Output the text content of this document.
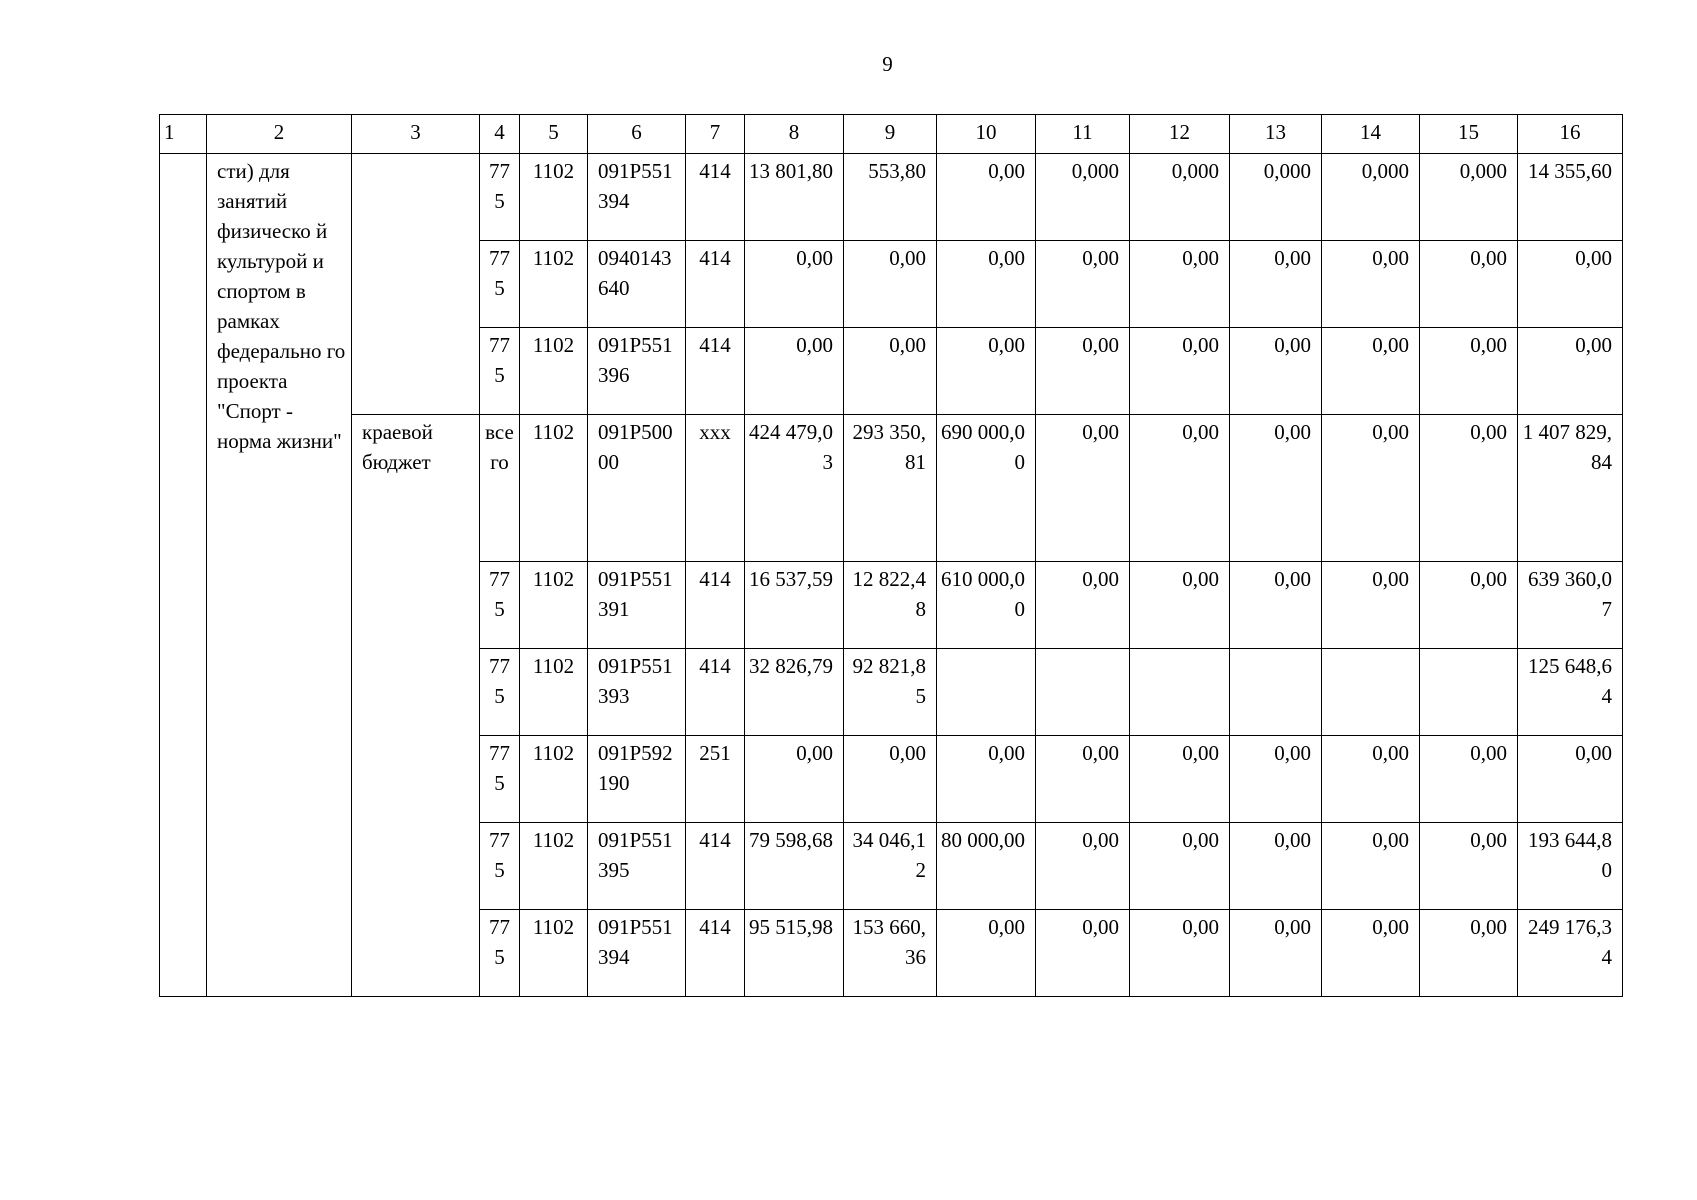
9
1	2	3	4	5	6	7	8	9	10	11	12	13	14	15	16
	сти) для занятий физическо й культурой и спортом в рамках федерально го проекта "Спорт - норма жизни"		775	1102	091Р551394	414	13 801,80	553,80	0,00	0,000	0,000	0,000	0,000	0,000	14 355,60
			775	1102	0940143640	414	0,00	0,00	0,00	0,00	0,00	0,00	0,00	0,00	0,00
			775	1102	091Р551396	414	0,00	0,00	0,00	0,00	0,00	0,00	0,00	0,00	0,00
		краевой бюджет	всего	1102	091Р50000	ххх	424 479,03	293 350,81	690 000,00	0,00	0,00	0,00	0,00	0,00	1 407 829,84
			775	1102	091Р551391	414	16 537,59	12 822,48	610 000,00	0,00	0,00	0,00	0,00	0,00	639 360,07
			775	1102	091Р551393	414	32 826,79	92 821,85							125 648,64
			775	1102	091Р592190	251	0,00	0,00	0,00	0,00	0,00	0,00	0,00	0,00	0,00
			775	1102	091Р551395	414	79 598,68	34 046,12	80 000,00	0,00	0,00	0,00	0,00	0,00	193 644,80
			775	1102	091Р551394	414	95 515,98	153 660,36	0,00	0,00	0,00	0,00	0,00	0,00	249 176,34
